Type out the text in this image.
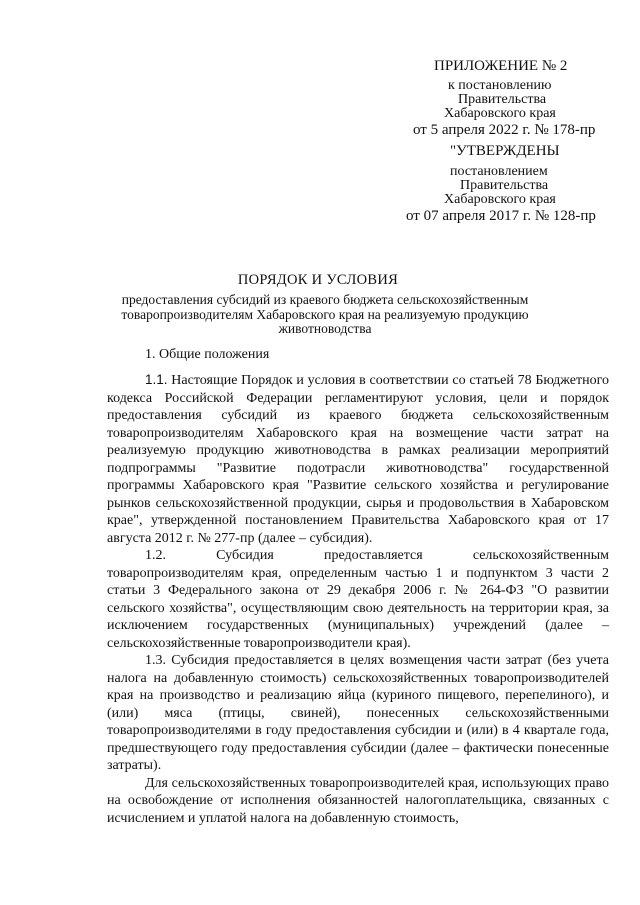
ПРИЛОЖЕНИЕ № 2
к постановлению
Правительства
Хабаровского края
от 5 апреля 2022 г. № 178-пр
"УТВЕРЖДЕНЫ
постановлением
Правительства
Хабаровского края
от 07 апреля 2017 г. № 128-пр
ПОРЯДОК И УСЛОВИЯ
предоставления субсидий из краевого бюджета сельскохозяйственным товаропроизводителям Хабаровского края на реализуемую продукцию животноводства
1. Общие положения

1.1. Настоящие Порядок и условия в соответствии со статьей 78 Бюджетного кодекса Российской Федерации регламентируют условия, цели и порядок предоставления субсидий из краевого бюджета сельскохозяйственным товаропроизводителям Хабаровского края на возмещение части затрат на реализуемую продукцию животноводства в рамках реализации мероприятий подпрограммы "Развитие подотрасли животноводства" государственной программы Хабаровского края "Развитие сельского хозяйства и регулирование рынков сельскохозяйственной продукции, сырья и продовольствия в Хабаровском крае", утвержденной постановлением Правительства Хабаровского края от 17 августа 2012 г. № 277-пр (далее – субсидия).

1.2. Субсидия предоставляется сельскохозяйственным товаропроизводителям края, определенным частью 1 и подпунктом 3 части 2 статьи 3 Федерального закона от 29 декабря 2006 г. № 264-ФЗ "О развитии сельского хозяйства", осуществляющим свою деятельность на территории края, за исключением государственных (муниципальных) учреждений (далее – сельскохозяйственные товаропроизводители края).

1.3. Субсидия предоставляется в целях возмещения части затрат (без учета налога на добавленную стоимость) сельскохозяйственных товаропроизводителей края на производство и реализацию яйца (куриного пищевого, перепелиного), и (или) мяса (птицы, свиней), понесенных сельскохозяйственными товаропроизводителями в году предоставления субсидии и (или) в 4 квартале года, предшествующего году предоставления субсидии (далее – фактически понесенные затраты).

Для сельскохозяйственных товаропроизводителей края, использующих право на освобождение от исполнения обязанностей налогоплательщика, связанных с исчислением и уплатой налога на добавленную стоимость,
